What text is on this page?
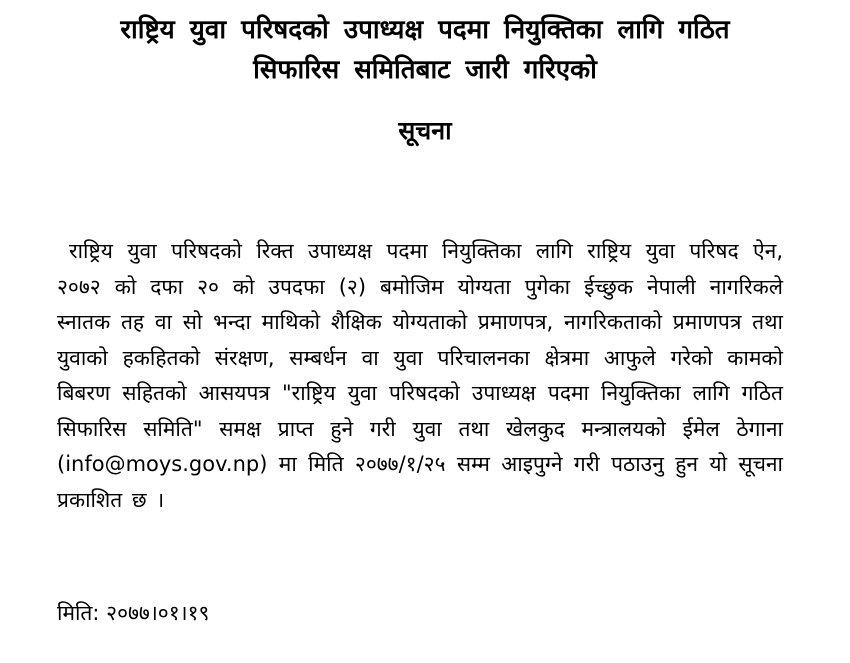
राष्ट्रिय युवा परिषदको उपाध्यक्ष पदमा नियुक्तिका लागि गठित
सिफारिस समितिबाट जारी गरिएको
सूचना

राष्ट्रिय युवा परिषदको रिक्त उपाध्यक्ष पदमा नियुक्तिका लागि राष्ट्रिय युवा परिषद ऐन, २०७२ को दफा २० को उपदफा (२) बमोजिम योग्यता पुगेका ईच्छुक नेपाली नागरिकले स्नातक तह वा सो भन्दा माथिको शैक्षिक योग्यताको प्रमाणपत्र, नागरिकताको प्रमाणपत्र तथा युवाको हकहितको संरक्षण, सम्बर्धन वा युवा परिचालनका क्षेत्रमा आफुले गरेको कामको बिबरण सहितको आसयपत्र "राष्ट्रिय युवा परिषदको उपाध्यक्ष पदमा नियुक्तिका लागि गठित सिफारिस समिति" समक्ष प्राप्त हुने गरी युवा तथा खेलकुद मन्त्रालयको ईमेल ठेगाना (info@moys.gov.np) मा मिति २०७७/१/२५ सम्म आइपुग्ने गरी पठाउनु हुन यो सूचना प्रकाशित छ ।

मिति: २०७७।०१।१९
